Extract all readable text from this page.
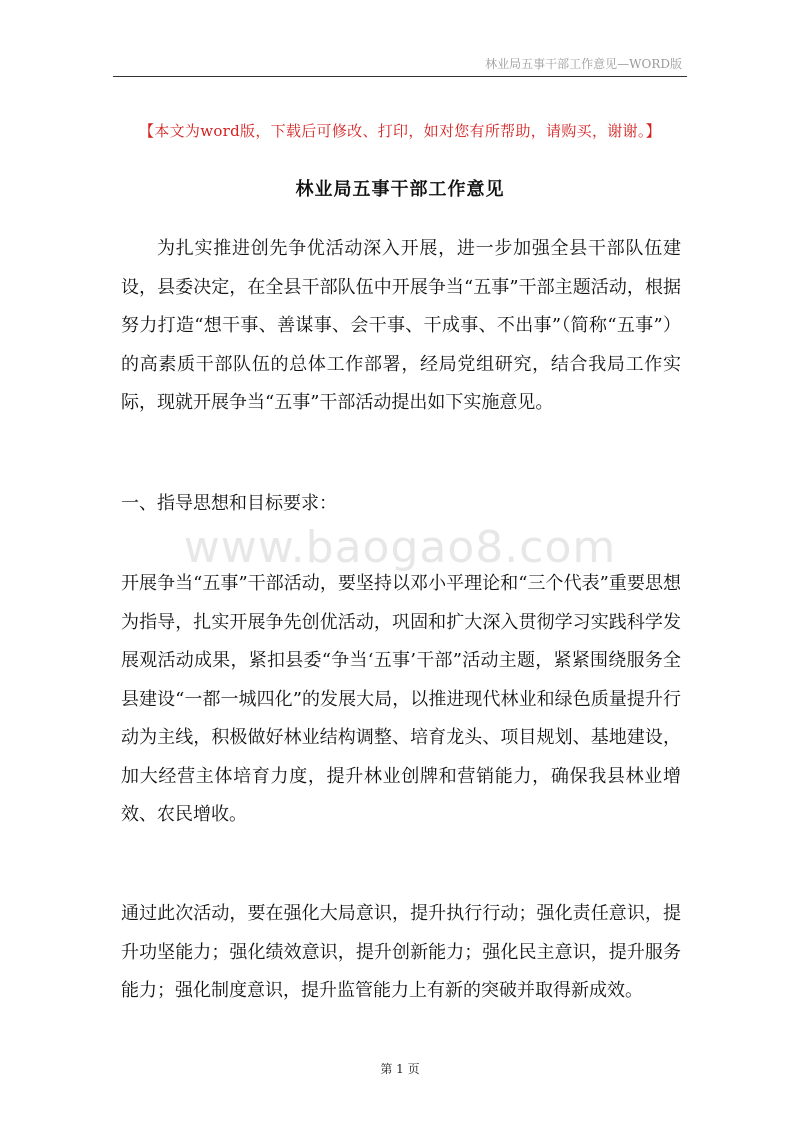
林业局五事干部工作意见—WORD版
【本文为word版，下载后可修改、打印，如对您有所帮助，请购买，谢谢。】
林业局五事干部工作意见

为扎实推进创先争优活动深入开展，进一步加强全县干部队伍建设，县委决定，在全县干部队伍中开展争当“五事”干部主题活动，根据努力打造“想干事、善谋事、会干事、干成事、不出事”（简称“五事”）的高素质干部队伍的总体工作部署，经局党组研究，结合我局工作实际，现就开展争当“五事”干部活动提出如下实施意见。

一、指导思想和目标要求：
www.baogao8.com

开展争当“五事”干部活动，要坚持以邓小平理论和“三个代表”重要思想为指导，扎实开展争先创优活动，巩固和扩大深入贯彻学习实践科学发展观活动成果，紧扣县委“争当‘五事’干部”活动主题，紧紧围绕服务全县建设“一都一城四化”的发展大局，以推进现代林业和绿色质量提升行动为主线，积极做好林业结构调整、培育龙头、项目规划、基地建设，加大经营主体培育力度，提升林业创牌和营销能力，确保我县林业增效、农民增收。

通过此次活动，要在强化大局意识，提升执行行动；强化责任意识，提升功坚能力；强化绩效意识，提升创新能力；强化民主意识，提升服务能力；强化制度意识，提升监管能力上有新的突破并取得新成效。

第 1 页
